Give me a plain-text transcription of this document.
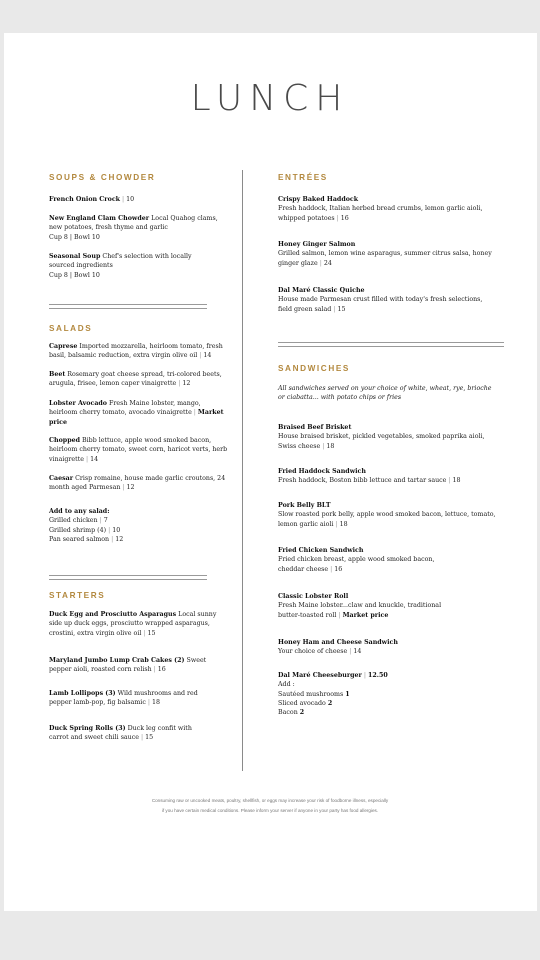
LUNCH
SOUPS & CHOWDER
French Onion Crock | 10
New England Clam Chowder Local Quahog clams, new potatoes, fresh thyme and garlic
Cup 8 | Bowl 10
Seasonal Soup Chef's selection with locally sourced ingredients
Cup 8 | Bowl 10
SALADS
Caprese Imported mozzarella, heirloom tomato, fresh basil, balsamic reduction, extra virgin olive oil | 14
Beet Rosemary goat cheese spread, tri-colored beets, arugula, frisee, lemon caper vinaigrette | 12
Lobster Avocado Fresh Maine lobster, mango, heirloom cherry tomato, avocado vinaigrette | Market price
Chopped Bibb lettuce, apple wood smoked bacon, heirloom cherry tomato, sweet corn, haricot verts, herb vinaigrette | 14
Caesar Crisp romaine, house made garlic croutons, 24 month aged Parmesan | 12
Add to any salad:
Grilled chicken | 7
Grilled shrimp (4) | 10
Pan seared salmon | 12
STARTERS
Duck Egg and Prosciutto Asparagus Local sunny side up duck eggs, prosciutto wrapped asparagus, crostini, extra virgin olive oil | 15
Maryland Jumbo Lump Crab Cakes (2) Sweet pepper aioli, roasted corn relish | 16
Lamb Lollipops (3) Wild mushrooms and red pepper lamb-pop, fig balsamic | 18
Duck Spring Rolls (3) Duck leg confit with carrot and sweet chili sauce | 15
ENTRÉES
Crispy Baked Haddock
Fresh haddock, Italian herbed bread crumbs, lemon garlic aioli, whipped potatoes | 16
Honey Ginger Salmon
Grilled salmon, lemon wine asparagus, summer citrus salsa, honey ginger glaze | 24
Dal Maré Classic Quiche
House made Parmesan crust filled with today's fresh selections, field green salad | 15
SANDWICHES
All sandwiches served on your choice of white, wheat, rye, brioche or ciabatta... with potato chips or fries
Braised Beef Brisket
House braised brisket, pickled vegetables, smoked paprika aioli, Swiss cheese | 18
Fried Haddock Sandwich
Fresh haddock, Boston bibb lettuce and tartar sauce | 18
Pork Belly BLT
Slow roasted pork belly, apple wood smoked bacon, lettuce, tomato, lemon garlic aioli | 18
Fried Chicken Sandwich
Fried chicken breast, apple wood smoked bacon, cheddar cheese | 16
Classic Lobster Roll
Fresh Maine lobster...claw and knuckle, traditional butter-toasted roll | Market price
Honey Ham and Cheese Sandwich
Your choice of cheese | 14
Dal Maré Cheeseburger | 12.50
Add :
Sautéed mushrooms 1
Sliced avocado 2
Bacon 2
Consuming raw or uncooked meats, poultry, shellfish, or eggs may increase your risk of foodborne illness, especially
if you have certain medical conditions. Please inform your server if anyone in your party has food allergies.
